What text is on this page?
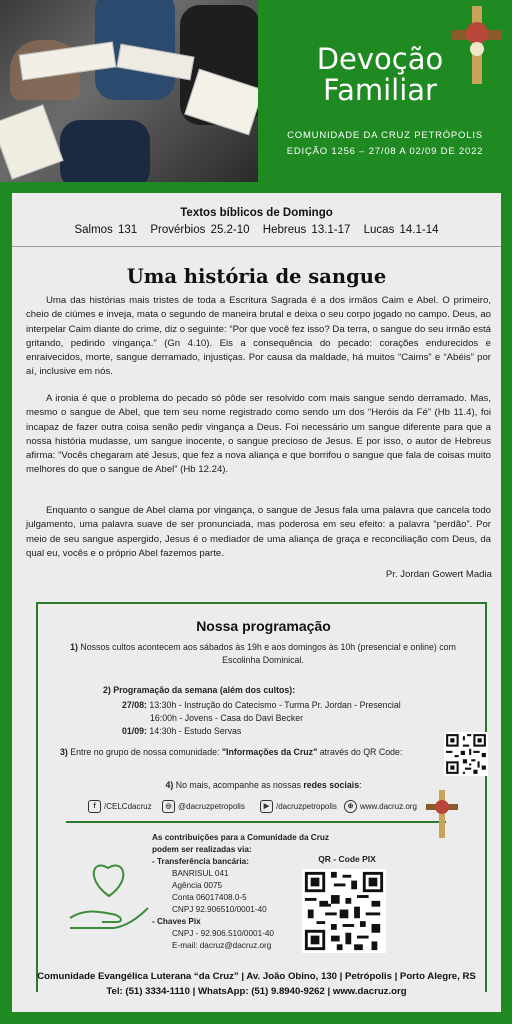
Devoção
Familiar
COMUNIDADE DA CRUZ PETRÓPOLIS
EDIÇÃO 1256 – 27/08 A 02/09 DE 2022
Textos bíblicos de Domingo
Salmos 131 Provérbios 25.2-10 Hebreus 13.1-17 Lucas 14.1-14
Uma história de sangue

Uma das histórias mais tristes de toda a Escritura Sagrada é a dos irmãos Caim e Abel. O primeiro, cheio de ciúmes e inveja, mata o segundo de maneira brutal e deixa o seu corpo jogado no campo. Deus, ao interpelar Caim diante do crime, diz o seguinte: “Por que você fez isso? Da terra, o sangue do seu irmão está gritando, pedindo vingança.” (Gn 4.10). Eis a consequência do pecado: corações endurecidos e enraivecidos, morte, sangue derramado, injustiças. Por causa da maldade, há muitos “Caims” e “Abéis” por aí, inclusive em nós.

A ironia é que o problema do pecado só pôde ser resolvido com mais sangue sendo derramado. Mas, mesmo o sangue de Abel, que tem seu nome registrado como sendo um dos “Heróis da Fé” (Hb 11.4), foi incapaz de fazer outra coisa senão pedir vingança a Deus. Foi necessário um sangue diferente para que a nossa história mudasse, um sangue inocente, o sangue precioso de Jesus. E por isso, o autor de Hebreus afirma: “Vocês chegaram até Jesus, que fez a nova aliança e que borrifou o sangue que fala de coisas muito melhores do que o sangue de Abel” (Hb 12.24).

Enquanto o sangue de Abel clama por vingança, o sangue de Jesus fala uma palavra que cancela todo julgamento, uma palavra suave de ser pronunciada, mas poderosa em seu efeito: a palavra “perdão”. Por meio de seu sangue aspergido, Jesus é o mediador de uma aliança de graça e reconciliação com Deus, da qual eu, vocês e o próprio Abel fazemos parte.

Pr. Jordan Gowert Madia
Nossa programação
1) Nossos cultos acontecem aos sábados às 19h e aos domingos às 10h (presencial e online) com Escolinha Dominical.
2) Programação da semana (além dos cultos):
27/08: 13:30h - Instrução do Catecismo - Turma Pr. Jordan - Presencial
16:00h - Jovens - Casa do Davi Becker
01/09: 14:30h - Estudo Servas
3) Entre no grupo de nossa comunidade: "Informações da Cruz" através do QR Code:
4) No mais, acompanhe as nossas redes sociais:
f	/CELCdacruz	◎ @dacruzpetropolis	▶ /dacruzpetropolis	⊕ www.dacruz.org
As contribuições para a Comunidade da Cruz
podem ser realizadas via:
- Transferência bancária:
BANRISUL 041
Agência 0075
Conta 06017408.0-5
CNPJ 92.906510/0001-40
- Chaves Pix
CNPJ - 92.906.510/0001-40
E-mail: dacruz@dacruz.org
QR - Code PIX
Comunidade Evangélica Luterana “da Cruz” | Av. João Obino, 130 | Petrópolis | Porto Alegre, RS
Tel: (51) 3334-1110 | WhatsApp: (51) 9.8940-9262 | www.dacruz.org
